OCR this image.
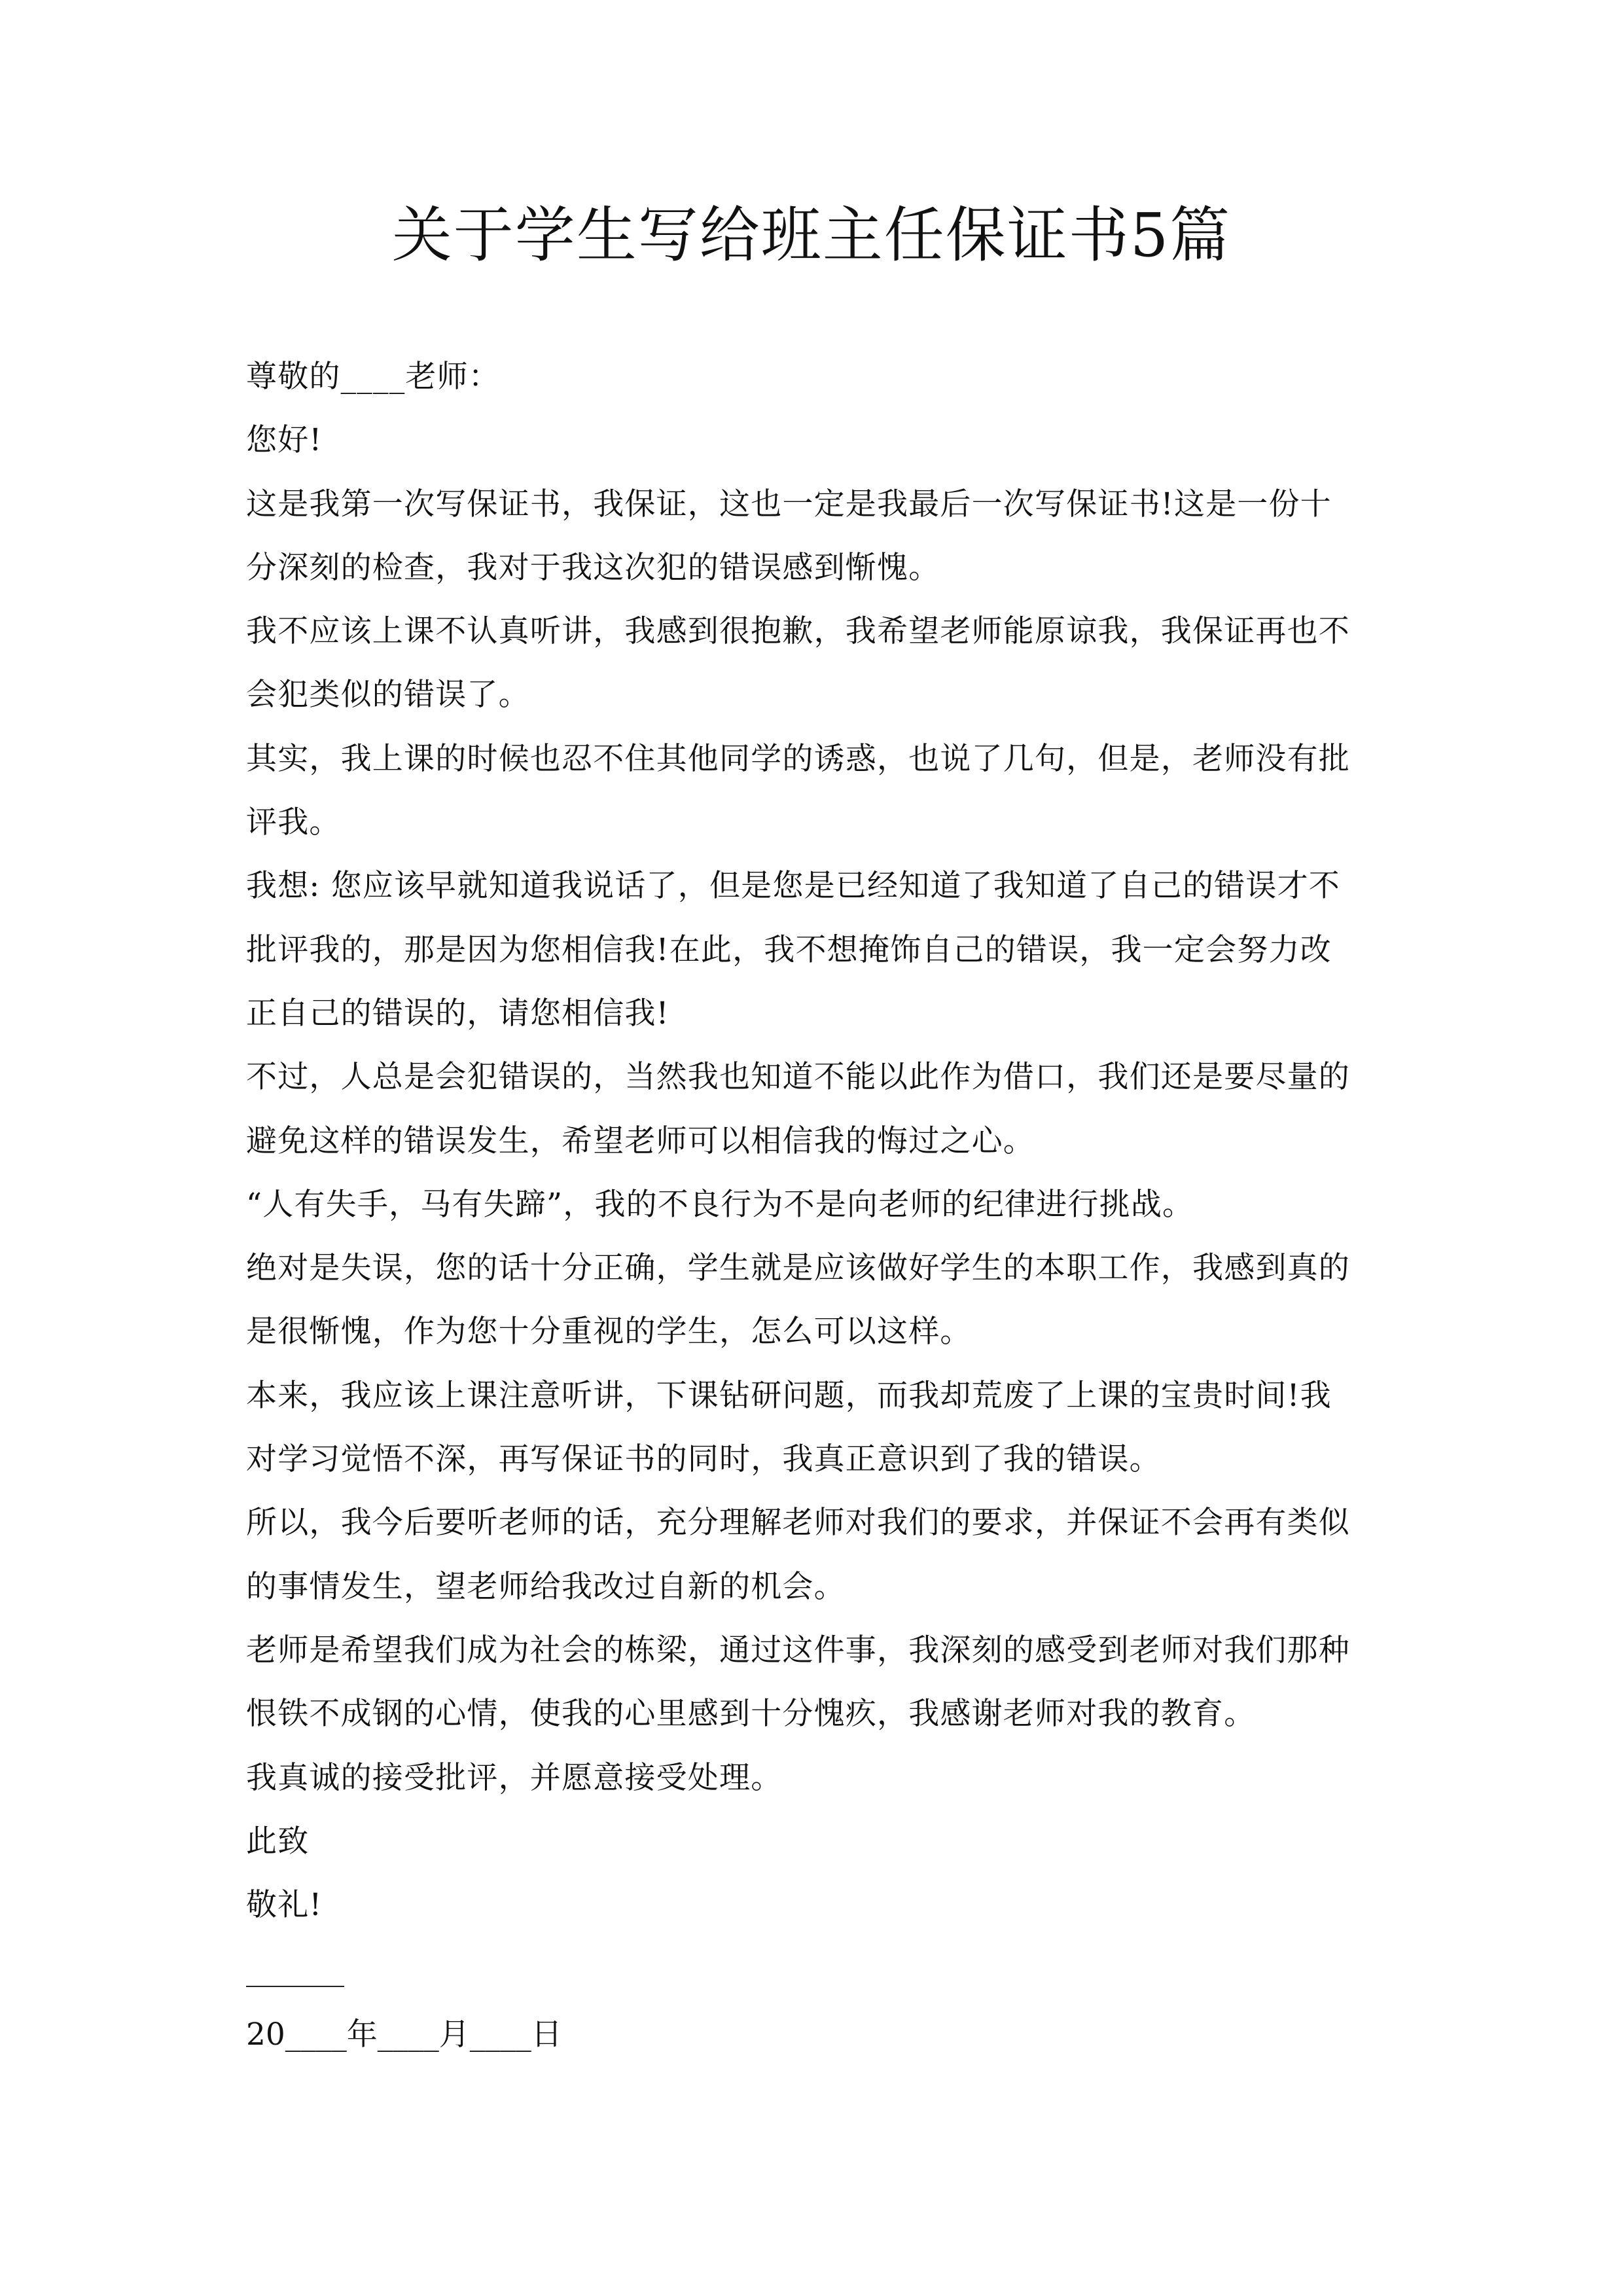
关于学生写给班主任保证书5篇
尊敬的____老师：
您好!
这是我第一次写保证书，我保证，这也一定是我最后一次写保证书!这是一份十
分深刻的检查，我对于我这次犯的错误感到惭愧。
我不应该上课不认真听讲，我感到很抱歉，我希望老师能原谅我，我保证再也不
会犯类似的错误了。
其实，我上课的时候也忍不住其他同学的诱惑，也说了几句，但是，老师没有批
评我。
我想: 您应该早就知道我说话了，但是您是已经知道了我知道了自己的错误才不
批评我的，那是因为您相信我!在此，我不想掩饰自己的错误，我一定会努力改
正自己的错误的，请您相信我!
不过，人总是会犯错误的，当然我也知道不能以此作为借口，我们还是要尽量的
避免这样的错误发生，希望老师可以相信我的悔过之心。
“人有失手，马有失蹄”，我的不良行为不是向老师的纪律进行挑战。
绝对是失误，您的话十分正确，学生就是应该做好学生的本职工作，我感到真的
是很惭愧，作为您十分重视的学生，怎么可以这样。
本来，我应该上课注意听讲，下课钻研问题，而我却荒废了上课的宝贵时间!我
对学习觉悟不深，再写保证书的同时，我真正意识到了我的错误。
所以，我今后要听老师的话，充分理解老师对我们的要求，并保证不会再有类似
的事情发生，望老师给我改过自新的机会。
老师是希望我们成为社会的栋梁，通过这件事，我深刻的感受到老师对我们那种
恨铁不成钢的心情，使我的心里感到十分愧疚，我感谢老师对我的教育。
我真诚的接受批评，并愿意接受处理。
此致
敬礼!
20____年____月____日
